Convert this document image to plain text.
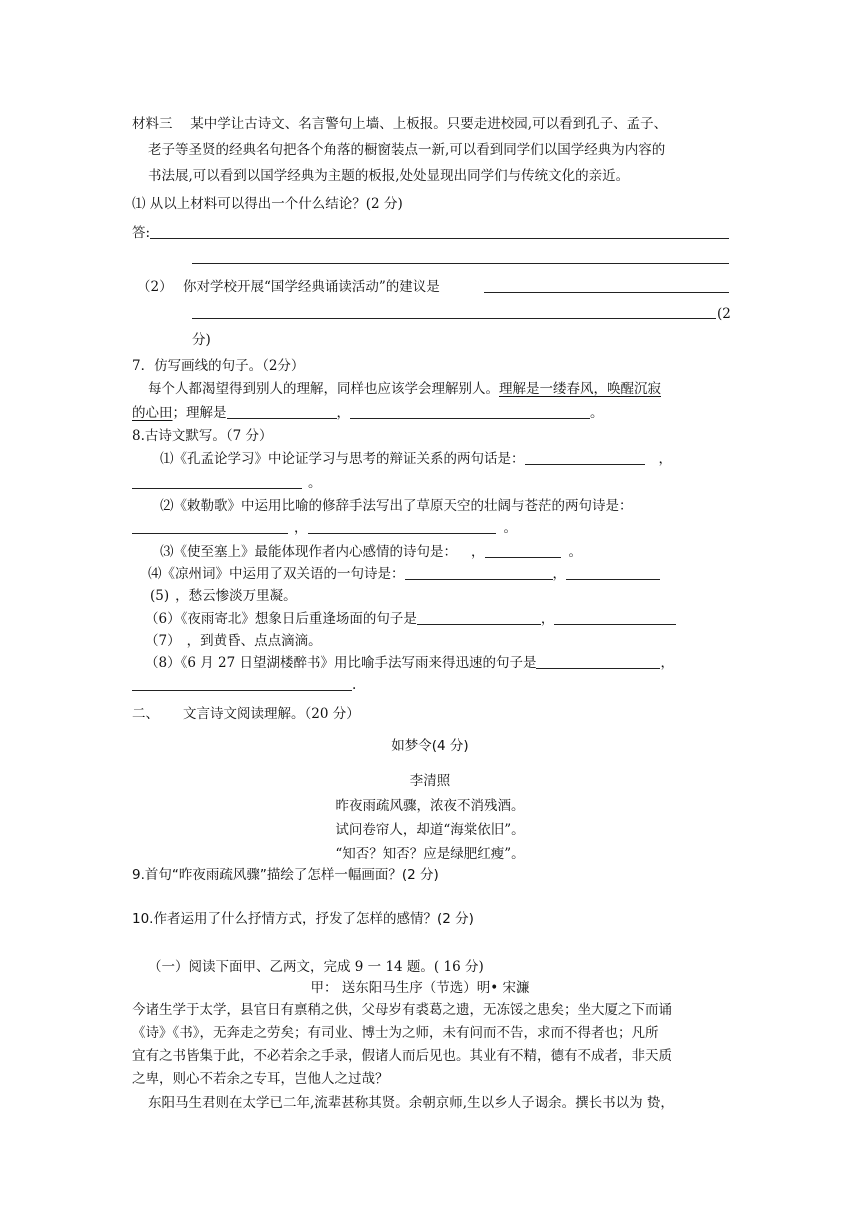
材料三　 某中学让古诗文、名言警句上墙、上板报。只要走进校园,可以看到孔子、孟子、
老子等圣贤的经典名句把各个角落的橱窗装点一新,可以看到同学们以国学经典为内容的
书法展,可以看到以国学经典为主题的板报,处处显现出同学们与传统文化的亲近。
⑴ 从以上材料可以得出一个什么结论？(2 分)
答:
（2） 你对学校开展“国学经典诵读活动”的建议是
(2
分)
7．仿写画线的句子。（2分）
每个人都渴望得到别人的理解，同样也应该学会理解别人。理解是一缕春风，唤醒沉寂
的心田；理解是	，	。
8.古诗文默写。（7 分）
⑴《孔孟论学习》中论证学习与思考的辩证关系的两句话是：	，
。
⑵《敕勒歌》中运用比喻的修辞手法写出了草原天空的壮阔与苍茫的两句诗是：
，	。
⑶《使至塞上》最能体现作者内心感情的诗句是： ，	。
⑷《凉州词》中运用了双关语的一句诗是：	，
(5) ，愁云惨淡万里凝。
（6）《夜雨寄北》想象日后重逢场面的句子是	，
（7） ，到黄昏、点点滴滴。
（8）《6 月 27 日望湖楼醉书》用比喻手法写雨来得迅速的句子是	，
.
二、 文言诗文阅读理解。（20 分）
如梦令(4 分)
李清照
昨夜雨疏风骤，浓夜不消残酒。
试问卷帘人，却道“海棠依旧”。
“知否？知否？应是绿肥红瘦”。
9.首句“昨夜雨疏风骤”描绘了怎样一幅画面？(2 分)
10.作者运用了什么抒情方式，抒发了怎样的感情？(2 分)
（一）阅读下面甲、乙两文，完成 9 一 14 题。( 16 分)
甲： 送东阳马生序（节选）明• 宋濂
今诸生学于太学，县官日有禀稍之供，父母岁有裘葛之遗，无冻馁之患矣；坐大厦之下而诵
《诗》《书》，无奔走之劳矣；有司业、博士为之师，未有问而不告，求而不得者也；凡所
宜有之书皆集于此，不必若余之手录，假诸人而后见也。其业有不精，德有不成者，非天质
之卑，则心不若余之专耳，岂他人之过哉？
东阳马生君则在太学已二年,流辈甚称其贤。余朝京师,生以乡人子谒余。撰长书以为 贽，
